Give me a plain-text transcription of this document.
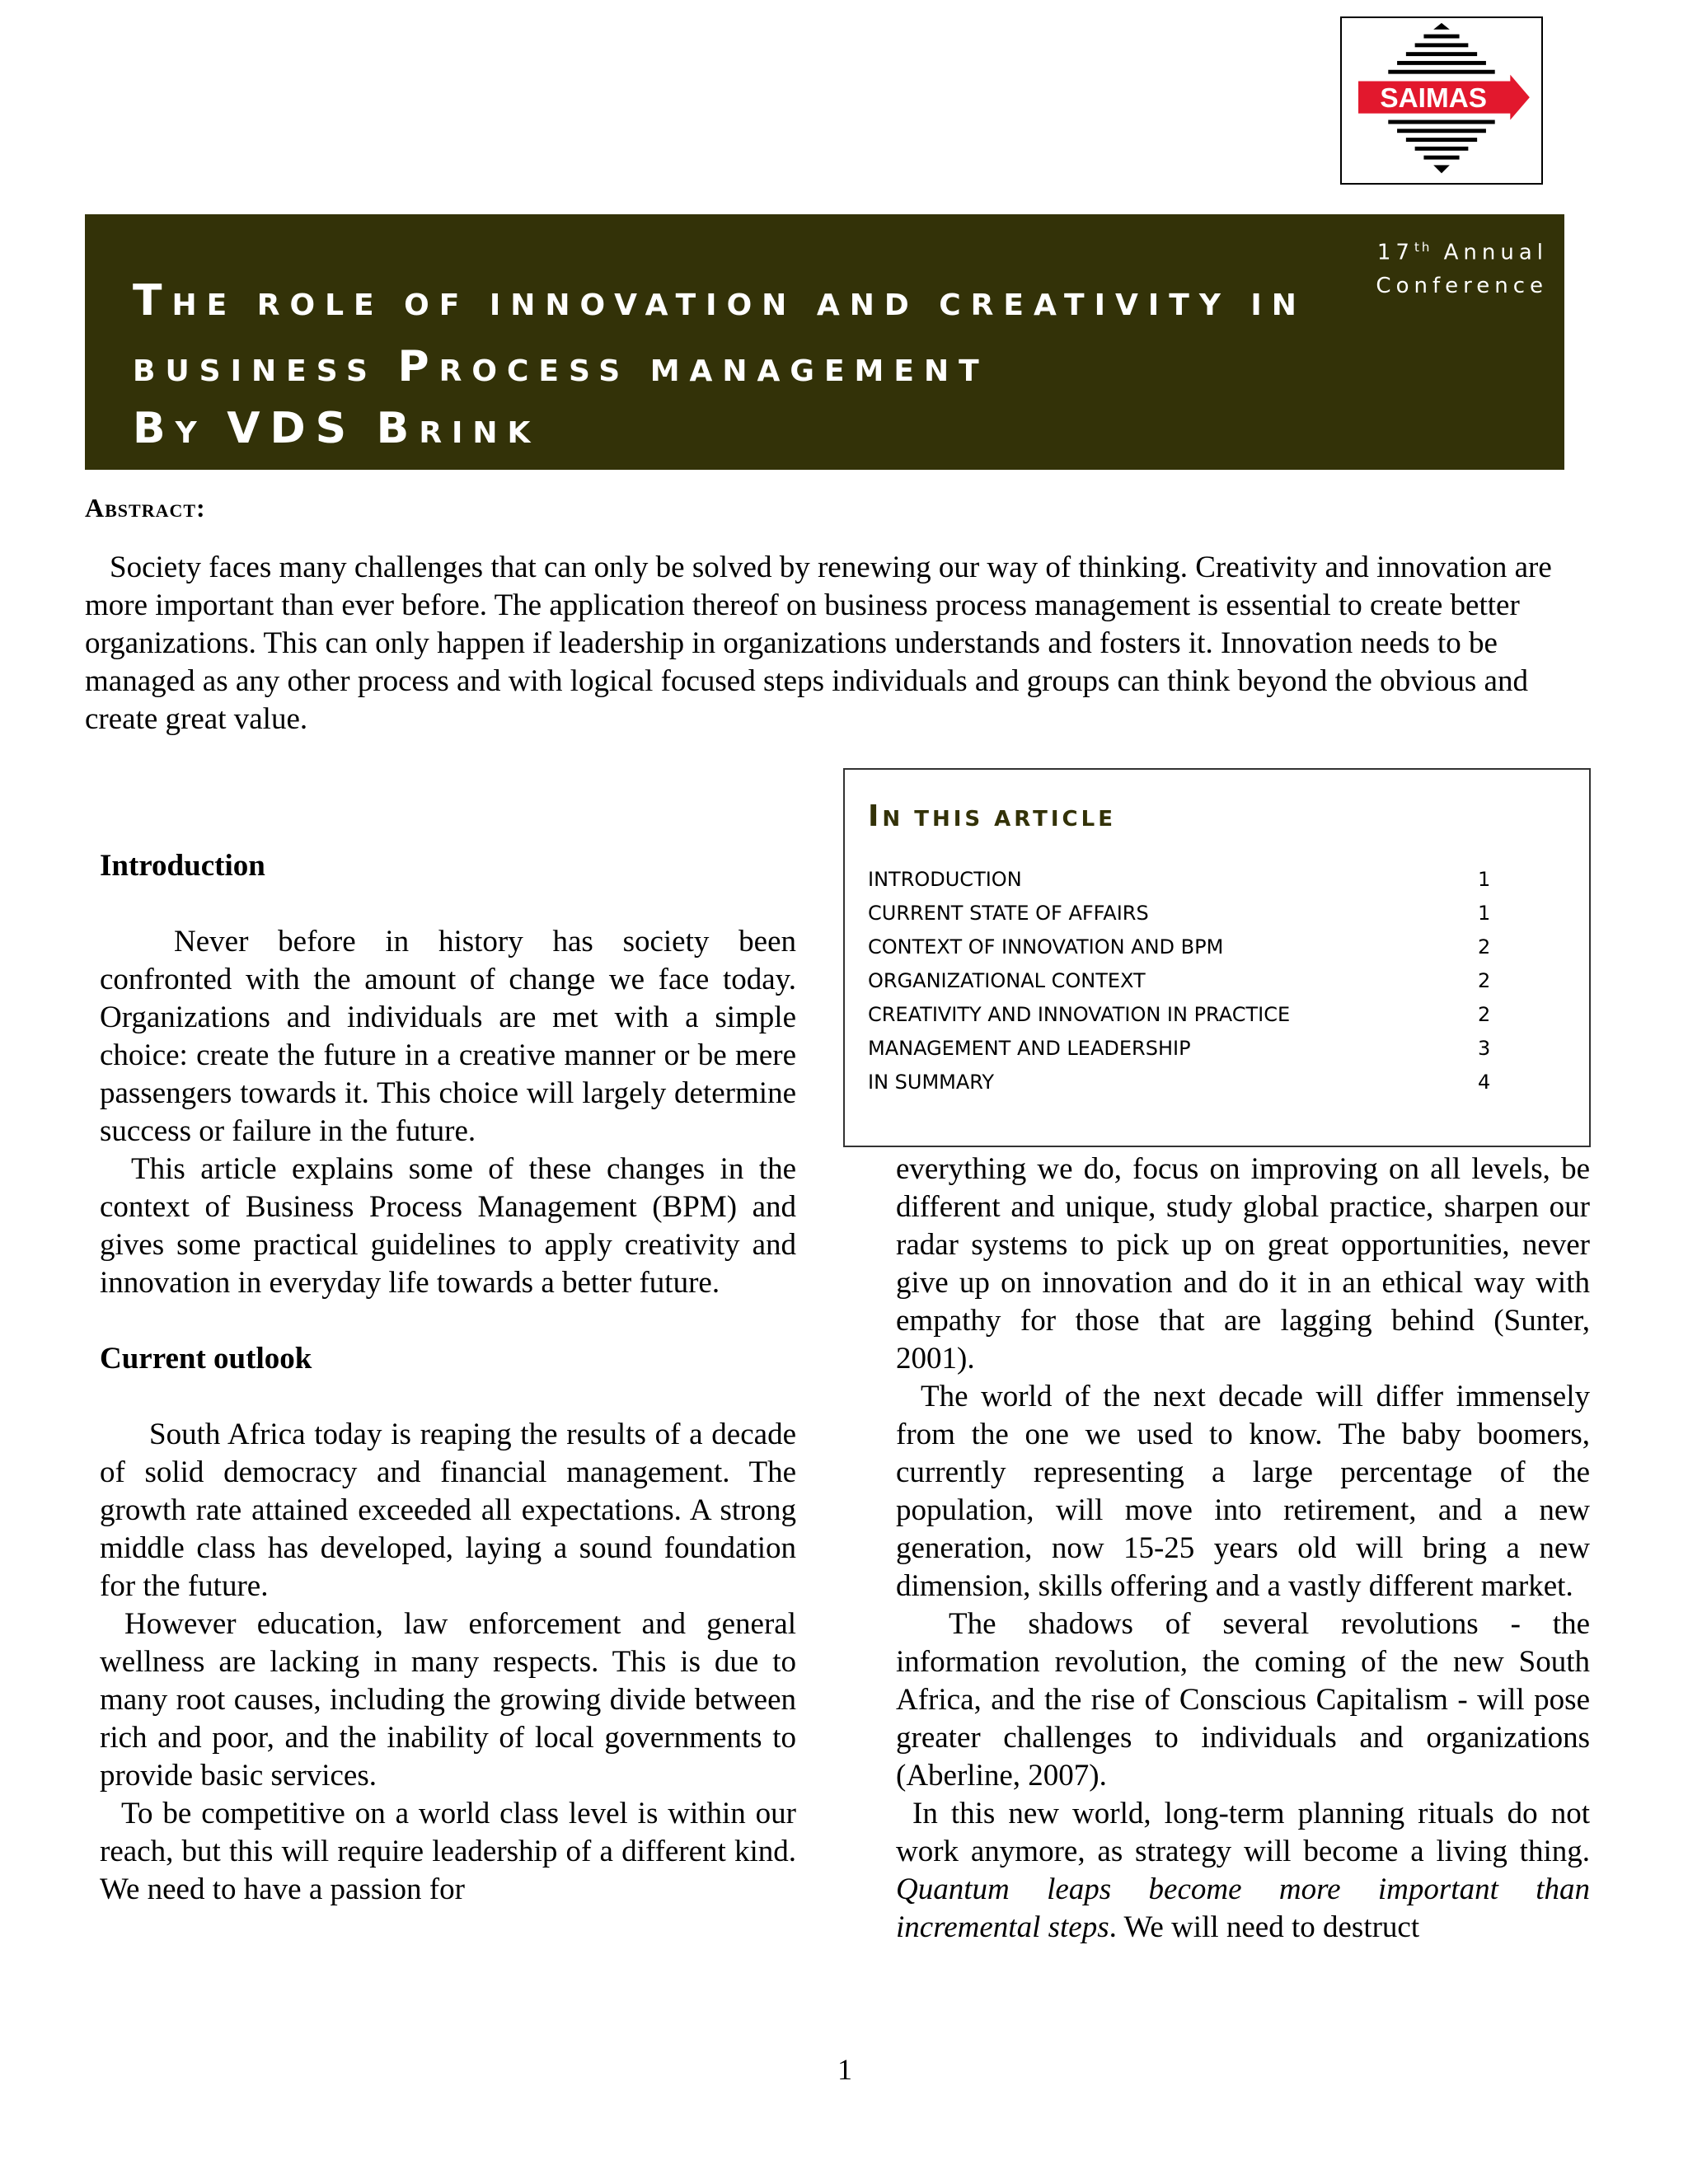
SAIMAS
17th Annual
Conference
THE ROLE OF INNOVATION AND CREATIVITY IN
BUSINESS PROCESS MANAGEMENT
BY VDS BRINK
Abstract:
Society faces many challenges that can only be solved by renewing our way of thinking. Creativity and innovation are more important than ever before. The application thereof on business process management is essential to create better organizations. This can only happen if leadership in organizations understands and fosters it. Innovation needs to be managed as any other process and with logical focused steps individuals and groups can think beyond the obvious and create great value.
IN THIS ARTICLE
INTRODUCTION	1
CURRENT STATE OF AFFAIRS	1
CONTEXT OF INNOVATION AND BPM	2
ORGANIZATIONAL CONTEXT	2
CREATIVITY AND INNOVATION IN PRACTICE	2
MANAGEMENT AND LEADERSHIP	3
IN SUMMARY	4
Introduction

Never before in history has society been confronted with the amount of change we face today. Organizations and individuals are met with a simple choice: create the future in a creative manner or be mere passengers towards it. This choice will largely determine success or failure in the future.

This article explains some of these changes in the context of Business Process Management (BPM) and gives some practical guidelines to apply creativity and innovation in everyday life towards a better future.

Current outlook

South Africa today is reaping the results of a decade of solid democracy and financial management. The growth rate attained exceeded all expectations. A strong middle class has developed, laying a sound foundation for the future.

However education, law enforcement and general wellness are lacking in many respects. This is due to many root causes, including the growing divide between rich and poor, and the inability of local governments to provide basic services.

To be competitive on a world class level is within our reach, but this will require leadership of a different kind. We need to have a passion for

everything we do, focus on improving on all levels, be different and unique, study global practice, sharpen our radar systems to pick up on great opportunities, never give up on innovation and do it in an ethical way with empathy for those that are lagging behind (Sunter, 2001).

The world of the next decade will differ immensely from the one we used to know. The baby boomers, currently representing a large percentage of the population, will move into retirement, and a new generation, now 15-25 years old will bring a new dimension, skills offering and a vastly different market.

The shadows of several revolutions - the information revolution, the coming of the new South Africa, and the rise of Conscious Capitalism - will pose greater challenges to individuals and organizations (Aberline, 2007).

In this new world, long-term planning rituals do not work anymore, as strategy will become a living thing. Quantum leaps become more important than incremental steps. We will need to destruct

1
